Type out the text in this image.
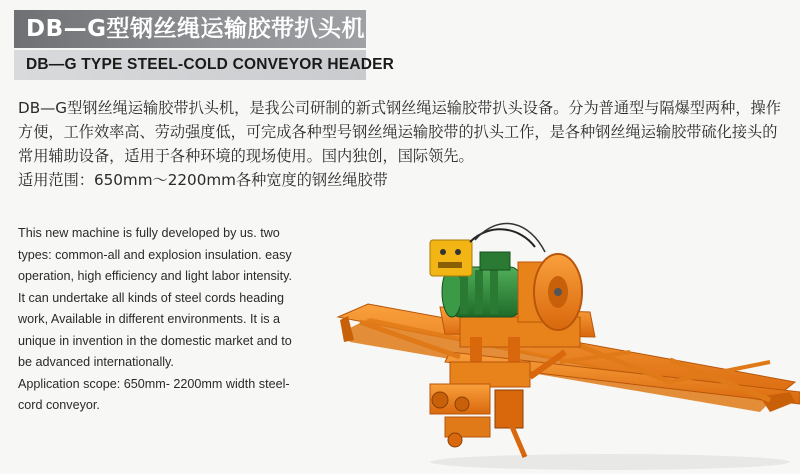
DB—G型钢丝绳运输胶带扒头机
DB—G TYPE STEEL-COLD CONVEYOR HEADER

DB—G型钢丝绳运输胶带扒头机，是我公司研制的新式钢丝绳运输胶带扒头设备。分为普通型与隔爆型两种，操作方便，工作效率高、劳动强度低，可完成各种型号钢丝绳运输胶带的扒头工作，是各种钢丝绳运输胶带硫化接头的常用辅助设备，适用于各种环境的现场使用。国内独创，国际领先。

适用范围：650mm～2200mm各种宽度的钢丝绳胶带

This new machine is fully developed by us. two
types: common-all and explosion insulation. easy
operation, high efficiency and light labor intensity.
It can undertake all kinds of steel cords heading
work, Available in different environments. It is a
unique in invention in the domestic market and to
be advanced internationally.
Application scope: 650mm- 2200mm width steel-
cord conveyor.
